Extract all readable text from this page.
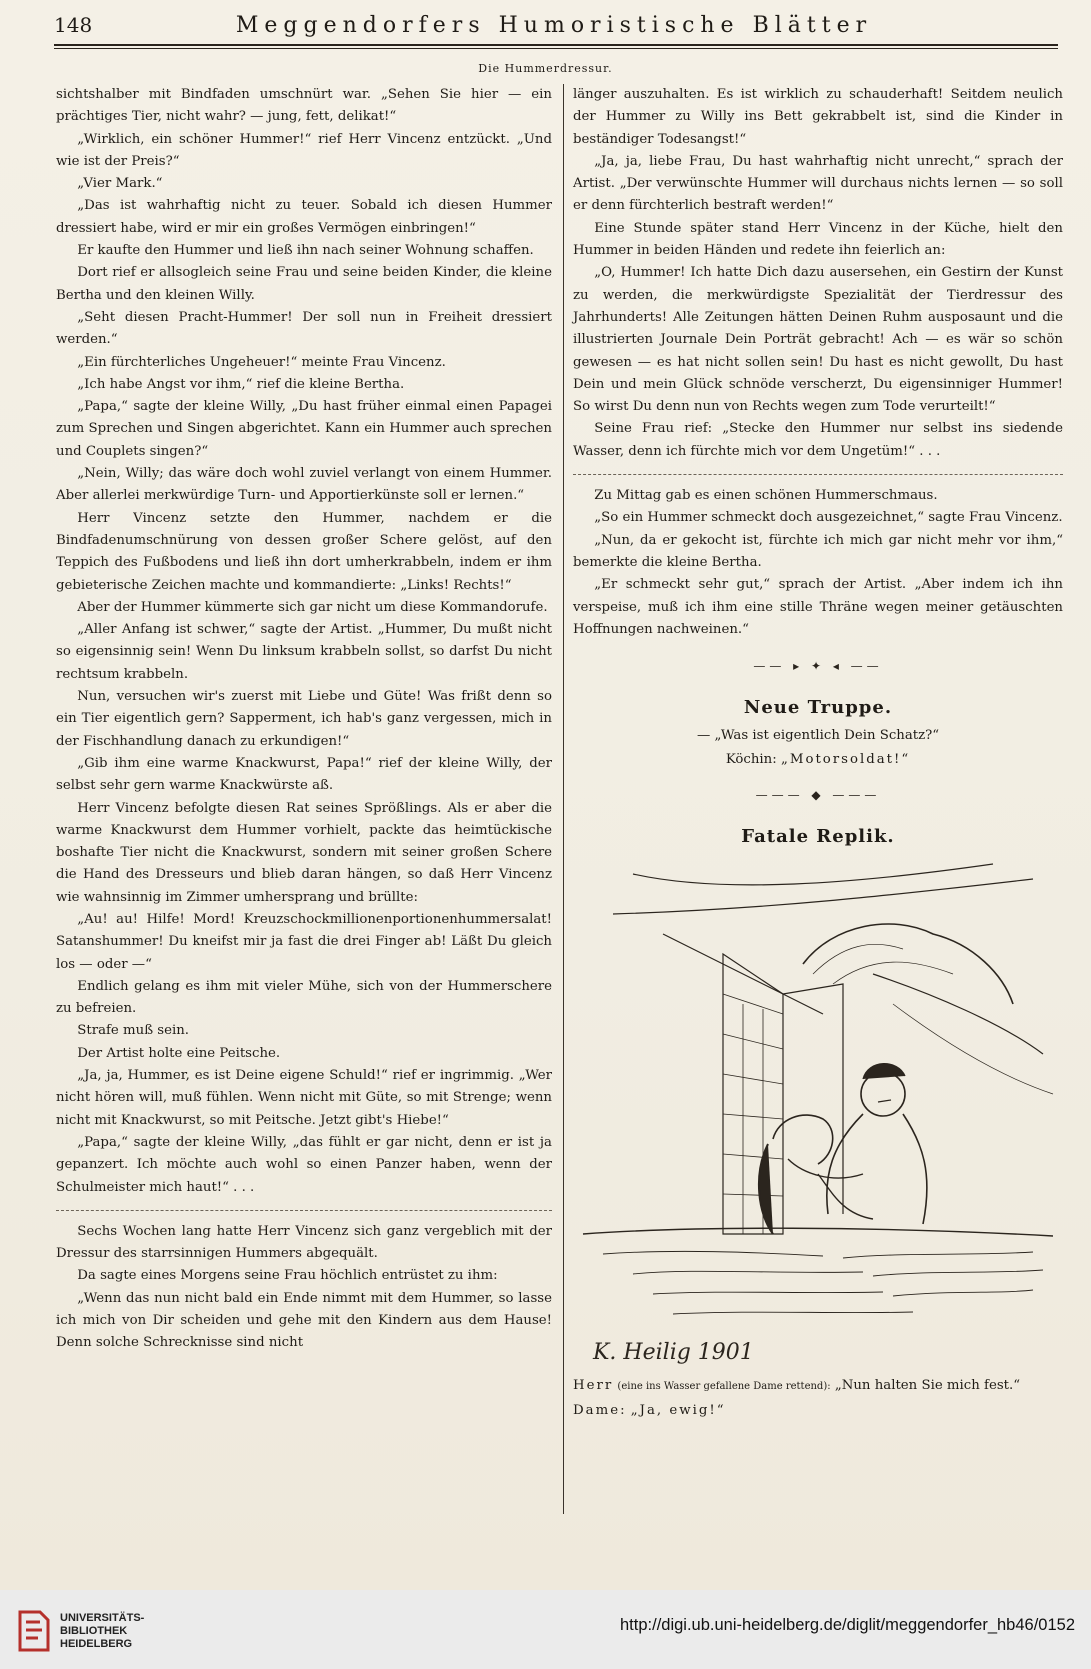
148	Meggendorfers Humoristische Blätter
Die Hummerdressur.

sichtshalber mit Bindfaden umschnürt war. „Sehen Sie hier — ein prächtiges Tier, nicht wahr? — jung, fett, delikat!“

„Wirklich, ein schöner Hummer!“ rief Herr Vincenz entzückt. „Und wie ist der Preis?“

„Vier Mark.“

„Das ist wahrhaftig nicht zu teuer. Sobald ich diesen Hummer dressiert habe, wird er mir ein großes Vermögen einbringen!“

Er kaufte den Hummer und ließ ihn nach seiner Wohnung schaffen.

Dort rief er allsogleich seine Frau und seine beiden Kinder, die kleine Bertha und den kleinen Willy.

„Seht diesen Pracht-Hummer! Der soll nun in Freiheit dressiert werden.“

„Ein fürchterliches Ungeheuer!“ meinte Frau Vincenz.

„Ich habe Angst vor ihm,“ rief die kleine Bertha.

„Papa,“ sagte der kleine Willy, „Du hast früher einmal einen Papagei zum Sprechen und Singen abgerichtet. Kann ein Hummer auch sprechen und Couplets singen?“

„Nein, Willy; das wäre doch wohl zuviel verlangt von einem Hummer. Aber allerlei merkwürdige Turn- und Apportierkünste soll er lernen.“

Herr Vincenz setzte den Hummer, nachdem er die Bindfadenumschnürung von dessen großer Schere gelöst, auf den Teppich des Fußbodens und ließ ihn dort umherkrabbeln, indem er ihm gebieterische Zeichen machte und kommandierte: „Links! Rechts!“

Aber der Hummer kümmerte sich gar nicht um diese Kommandorufe.

„Aller Anfang ist schwer,“ sagte der Artist. „Hummer, Du mußt nicht so eigensinnig sein! Wenn Du linksum krabbeln sollst, so darfst Du nicht rechtsum krabbeln.

Nun, versuchen wir's zuerst mit Liebe und Güte! Was frißt denn so ein Tier eigentlich gern? Sapperment, ich hab's ganz vergessen, mich in der Fischhandlung danach zu erkundigen!“

„Gib ihm eine warme Knackwurst, Papa!“ rief der kleine Willy, der selbst sehr gern warme Knackwürste aß.

Herr Vincenz befolgte diesen Rat seines Sprößlings. Als er aber die warme Knackwurst dem Hummer vorhielt, packte das heimtückische boshafte Tier nicht die Knackwurst, sondern mit seiner großen Schere die Hand des Dresseurs und blieb daran hängen, so daß Herr Vincenz wie wahnsinnig im Zimmer umhersprang und brüllte:

„Au! au! Hilfe! Mord! Kreuzschockmillionenportionenhummersalat! Satanshummer! Du kneifst mir ja fast die drei Finger ab! Läßt Du gleich los — oder —“

Endlich gelang es ihm mit vieler Mühe, sich von der Hummerschere zu befreien.

Strafe muß sein.

Der Artist holte eine Peitsche.

„Ja, ja, Hummer, es ist Deine eigene Schuld!“ rief er ingrimmig. „Wer nicht hören will, muß fühlen. Wenn nicht mit Güte, so mit Strenge; wenn nicht mit Knackwurst, so mit Peitsche. Jetzt gibt's Hiebe!“

„Papa,“ sagte der kleine Willy, „das fühlt er gar nicht, denn er ist ja gepanzert. Ich möchte auch wohl so einen Panzer haben, wenn der Schulmeister mich haut!“ . . .

Sechs Wochen lang hatte Herr Vincenz sich ganz vergeblich mit der Dressur des starrsinnigen Hummers abgequält.

Da sagte eines Morgens seine Frau höchlich entrüstet zu ihm:

„Wenn das nun nicht bald ein Ende nimmt mit dem Hummer, so lasse ich mich von Dir scheiden und gehe mit den Kindern aus dem Hause! Denn solche Schrecknisse sind nicht

länger auszuhalten. Es ist wirklich zu schauderhaft! Seitdem neulich der Hummer zu Willy ins Bett gekrabbelt ist, sind die Kinder in beständiger Todesangst!“

„Ja, ja, liebe Frau, Du hast wahrhaftig nicht unrecht,“ sprach der Artist. „Der verwünschte Hummer will durchaus nichts lernen — so soll er denn fürchterlich bestraft werden!“

Eine Stunde später stand Herr Vincenz in der Küche, hielt den Hummer in beiden Händen und redete ihn feierlich an:

„O, Hummer! Ich hatte Dich dazu ausersehen, ein Gestirn der Kunst zu werden, die merkwürdigste Spezialität der Tierdressur des Jahrhunderts! Alle Zeitungen hätten Deinen Ruhm ausposaunt und die illustrierten Journale Dein Porträt gebracht! Ach — es wär so schön gewesen — es hat nicht sollen sein! Du hast es nicht gewollt, Du hast Dein und mein Glück schnöde verscherzt, Du eigensinniger Hummer! So wirst Du denn nun von Rechts wegen zum Tode verurteilt!“

Seine Frau rief: „Stecke den Hummer nur selbst ins siedende Wasser, denn ich fürchte mich vor dem Ungetüm!“ . . .

Zu Mittag gab es einen schönen Hummerschmaus.

„So ein Hummer schmeckt doch ausgezeichnet,“ sagte Frau Vincenz.

„Nun, da er gekocht ist, fürchte ich mich gar nicht mehr vor ihm,“ bemerkte die kleine Bertha.

„Er schmeckt sehr gut,“ sprach der Artist. „Aber indem ich ihn verspeise, muß ich ihm eine stille Thräne wegen meiner getäuschten Hoffnungen nachweinen.“

—— ▸ ✦ ◂ ——
Neue Truppe.
— „Was ist eigentlich Dein Schatz?“
Köchin: „Motorsoldat!“
——— ◆ ———
Fatale Replik.
K. Heilig 1901
Herr (eine ins Wasser gefallene Dame rettend): „Nun halten Sie mich fest.“
Dame: „Ja, ewig!“
UNIVERSITÄTS-
BIBLIOTHEK
HEIDELBERG
http://digi.ub.uni-heidelberg.de/diglit/meggendorfer_hb46/0152
